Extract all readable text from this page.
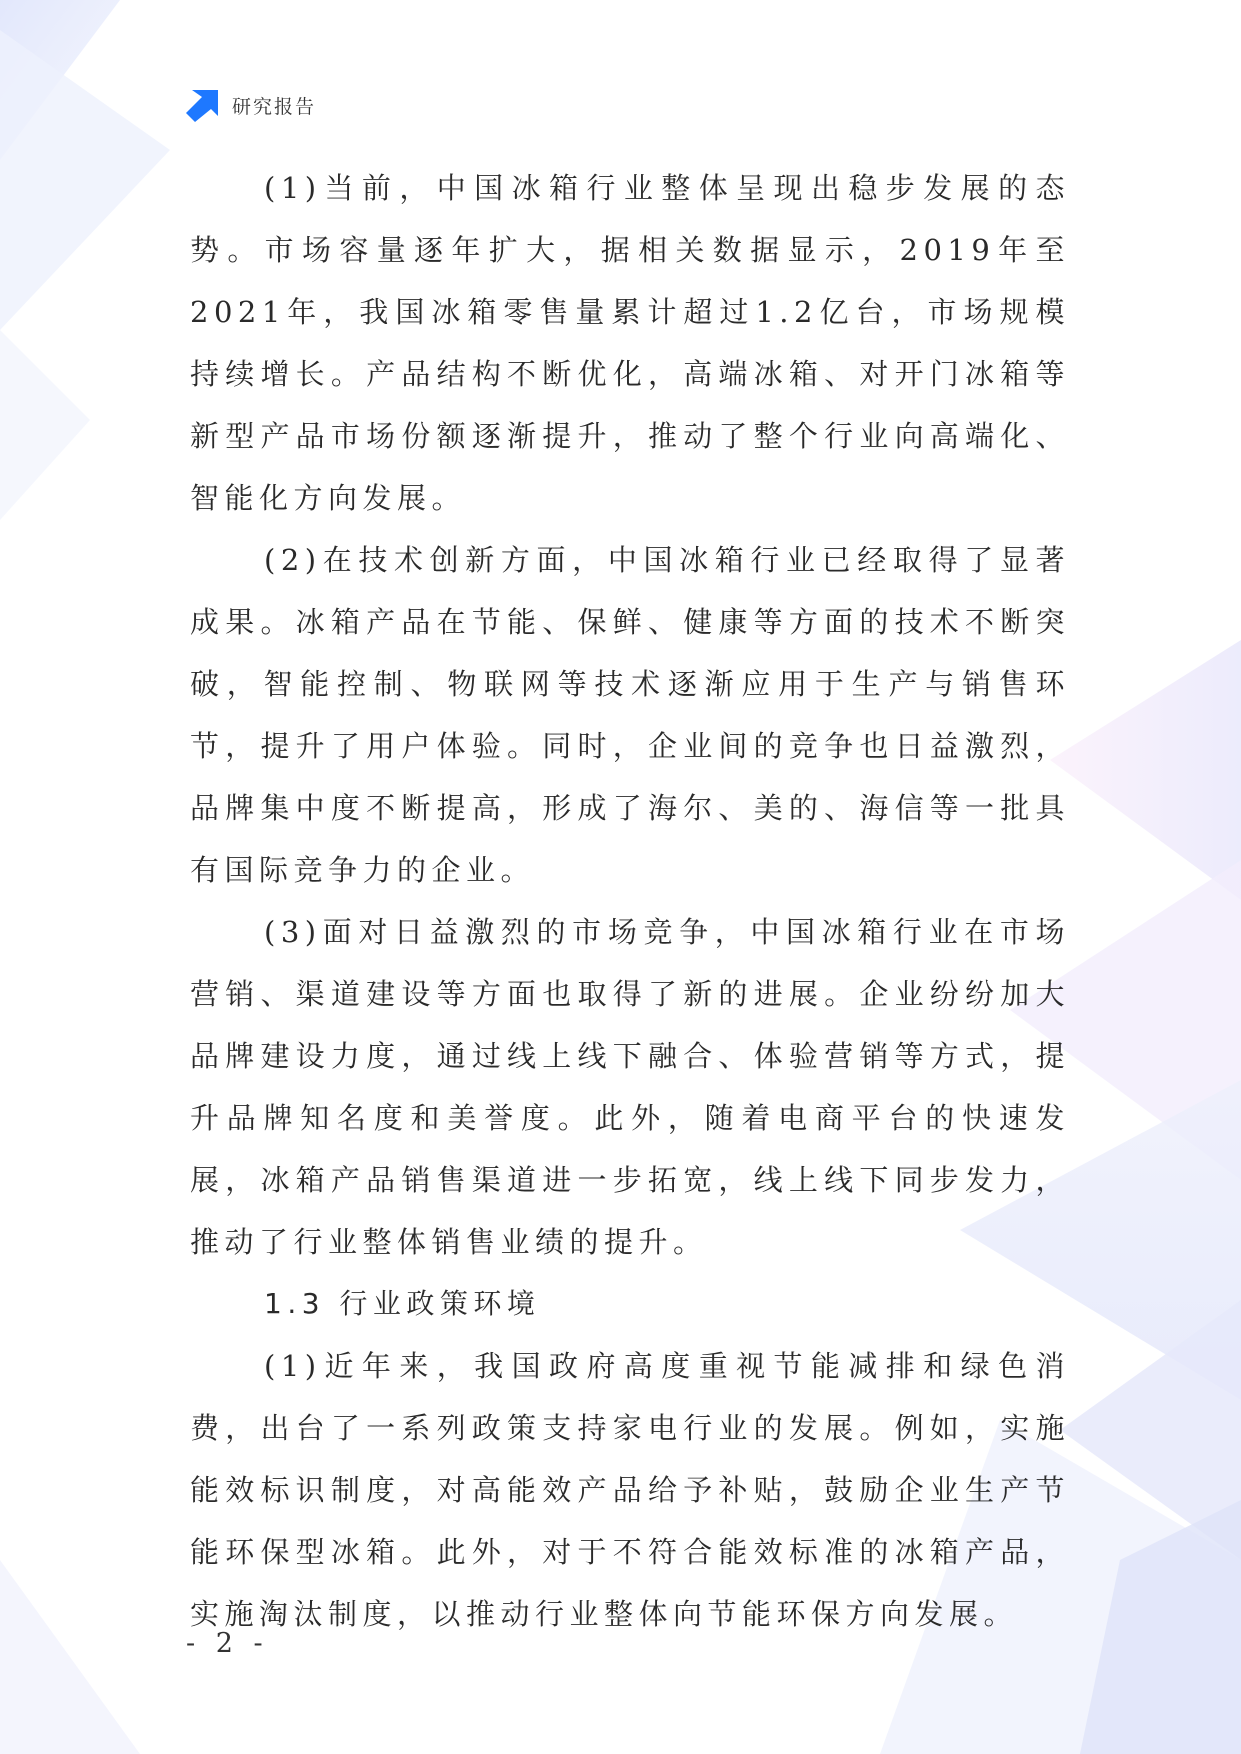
研究报告

(1)当前，中国冰箱行业整体呈现出稳步发展的态势。市场容量逐年扩大，据相关数据显示，2019年至2021年，我国冰箱零售量累计超过1.2亿台，市场规模持续增长。产品结构不断优化，高端冰箱、对开门冰箱等新型产品市场份额逐渐提升，推动了整个行业向高端化、智能化方向发展。

(2)在技术创新方面，中国冰箱行业已经取得了显著成果。冰箱产品在节能、保鲜、健康等方面的技术不断突破，智能控制、物联网等技术逐渐应用于生产与销售环节，提升了用户体验。同时，企业间的竞争也日益激烈，品牌集中度不断提高，形成了海尔、美的、海信等一批具有国际竞争力的企业。

(3)面对日益激烈的市场竞争，中国冰箱行业在市场营销、渠道建设等方面也取得了新的进展。企业纷纷加大品牌建设力度，通过线上线下融合、体验营销等方式，提升品牌知名度和美誉度。此外，随着电商平台的快速发展，冰箱产品销售渠道进一步拓宽，线上线下同步发力，推动了行业整体销售业绩的提升。

1.3 行业政策环境

(1)近年来，我国政府高度重视节能减排和绿色消费，出台了一系列政策支持家电行业的发展。例如，实施能效标识制度，对高能效产品给予补贴，鼓励企业生产节能环保型冰箱。此外，对于不符合能效标准的冰箱产品，实施淘汰制度，以推动行业整体向节能环保方向发展。

- 2 -
